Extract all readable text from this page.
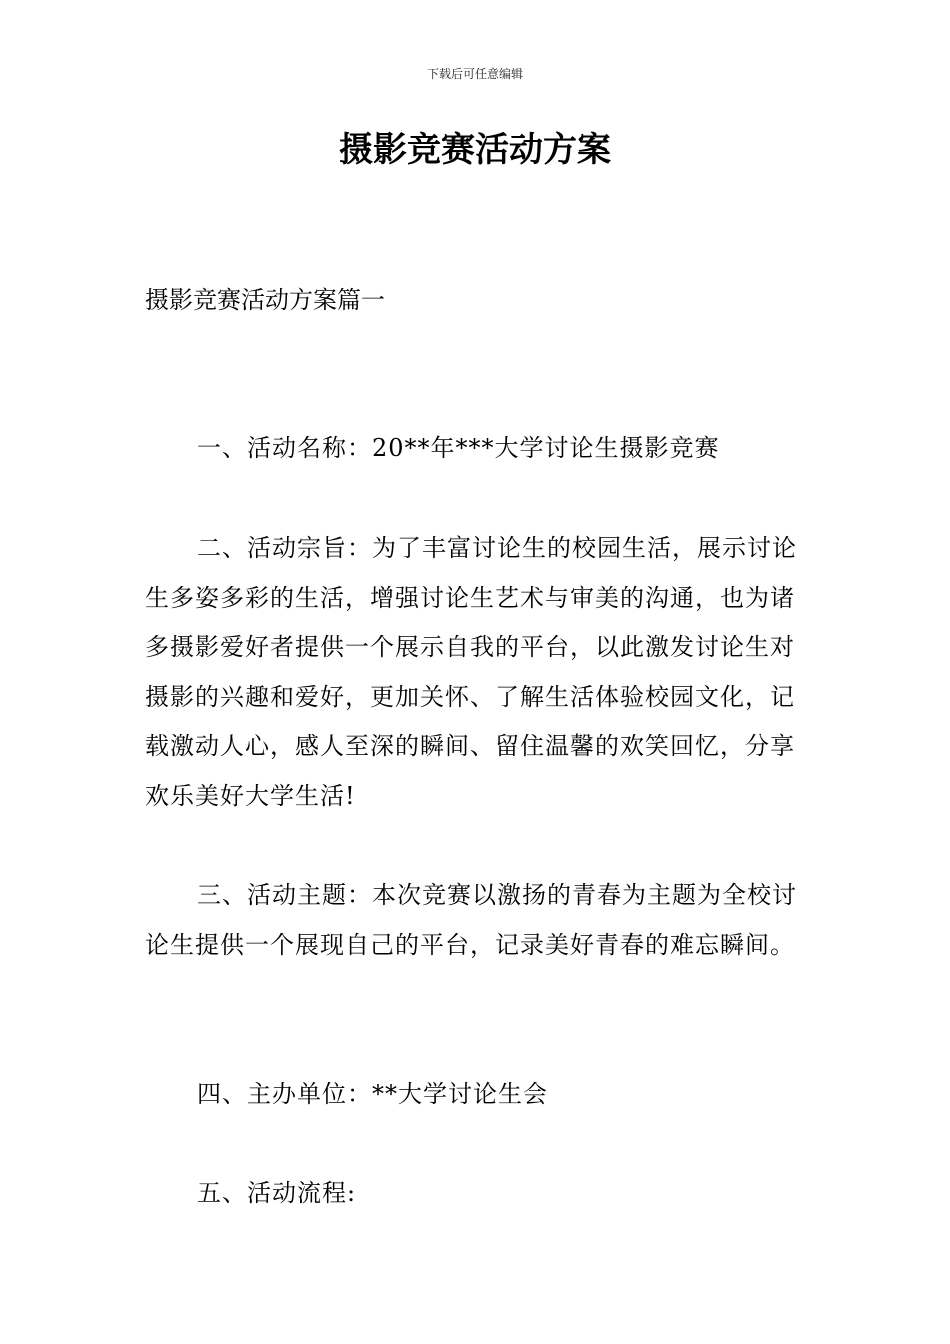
下载后可任意编辑
摄影竞赛活动方案
摄影竞赛活动方案篇一

一、活动名称：20**年***大学讨论生摄影竞赛

二、活动宗旨：为了丰富讨论生的校园生活，展示讨论生多姿多彩的生活，增强讨论生艺术与审美的沟通，也为诸多摄影爱好者提供一个展示自我的平台，以此激发讨论生对摄影的兴趣和爱好，更加关怀、了解生活体验校园文化，记载激动人心，感人至深的瞬间、留住温馨的欢笑回忆，分享欢乐美好大学生活!

三、活动主题：本次竞赛以激扬的青春为主题为全校讨论生提供一个展现自己的平台，记录美好青春的难忘瞬间。

四、主办单位：**大学讨论生会

五、活动流程:
